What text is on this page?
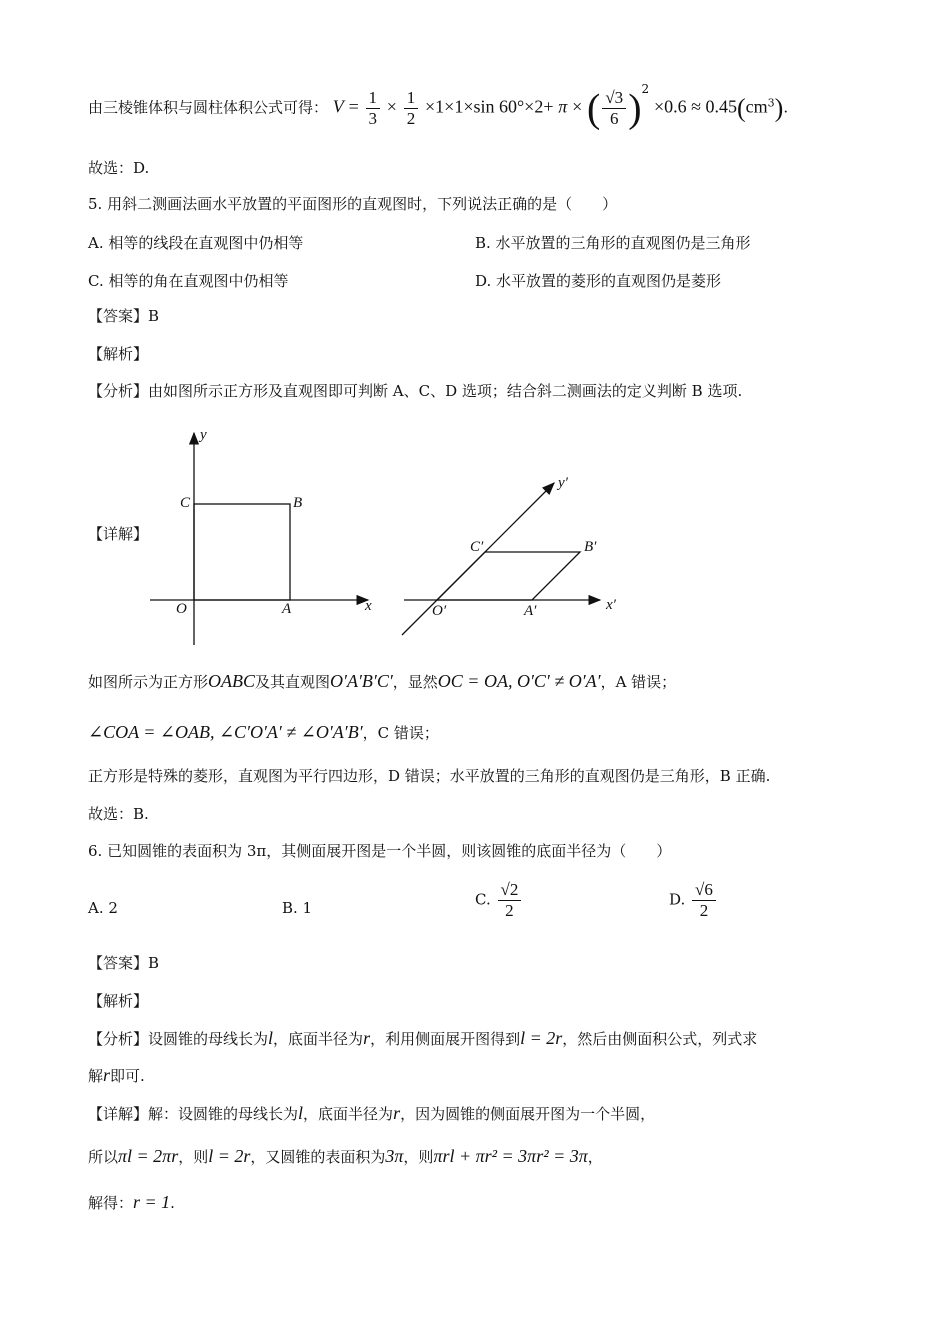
由三棱锥体积与圆柱体积公式可得： $V = \frac{1}{3} \times \frac{1}{2} \times 1\times 1\times\sin$ 60°×2+ π × ( $\frac{√3}{6} )^2 \times 0.6 \approx 0.45(cm^3)$.
故选：D.
5. 用斜二测画法画水平放置的平面图形的直观图时，下列说法正确的是（　　）
A. 相等的线段在直观图中仍相等	B. 水平放置的三角形的直观图仍是三角形
C. 相等的角在直观图中仍相等	D. 水平放置的菱形的直观图仍是菱形
【答案】B
【解析】
【分析】由如图所示正方形及直观图即可判断 A、C、D 选项；结合斜二测画法的定义判断 B 选项.
【详解】
y
x
O	A
B
C
y′
x′
O′	A′
B′
C′
如图所示为正方形OABC及其直观图O′A′B′C′，显然OC = OA, O′C′ ≠ O′A′，A 错误；
∠COA = ∠OAB, ∠C′O′A′ ≠ ∠O′A′B′，C 错误；
正方形是特殊的菱形，直观图为平行四边形，D 错误；水平放置的三角形的直观图仍是三角形，B 正确.
故选：B.
6. 已知圆锥的表面积为 3π，其侧面展开图是一个半圆，则该圆锥的底面半径为（　　）
A. 2	B. 1	C. $\frac{√2}{2}$	D. $\frac{√6}{2}$
【答案】B
【解析】
【分析】设圆锥的母线长为l，底面半径为r，利用侧面展开图得到l = 2r，然后由侧面积公式，列式求
解r即可.
【详解】解：设圆锥的母线长为l，底面半径为r，因为圆锥的侧面展开图为一个半圆，
所以πl = 2πr，则l = 2r，又圆锥的表面积为3π，则πrl + πr² = 3πr² = 3π，
解得：r = 1.
